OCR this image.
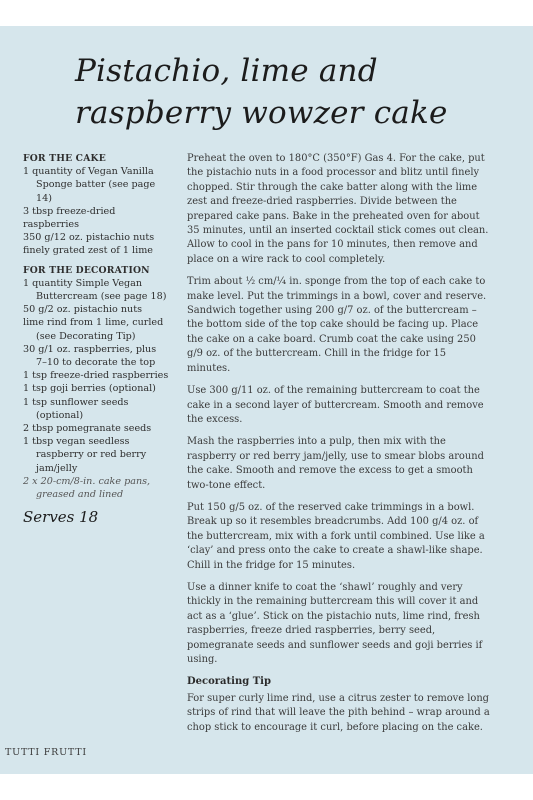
Pistachio, lime and
raspberry wowzer cake
FOR THE CAKE
1 quantity of Vegan Vanilla
Sponge batter (see page 14)
3 tbsp freeze-dried raspberries
350 g/12 oz. pistachio nuts
finely grated zest of 1 lime
FOR THE DECORATION
1 quantity Simple Vegan
Buttercream (see page 18)
50 g/2 oz. pistachio nuts
lime rind from 1 lime, curled
(see Decorating Tip)
30 g/1 oz. raspberries, plus
7–10 to decorate the top
1 tsp freeze-dried raspberries
1 tsp goji berries (optional)
1 tsp sunflower seeds
(optional)
2 tbsp pomegranate seeds
1 tbsp vegan seedless
raspberry or red berry
jam/jelly
2 x 20-cm/8-in. cake pans,
greased and lined
Serves 18

Preheat the oven to 180°C (350°F) Gas 4. For the cake, put the pistachio nuts in a food processor and blitz until finely chopped. Stir through the cake batter along with the lime zest and freeze-dried raspberries. Divide between the prepared cake pans. Bake in the preheated oven for about 35 minutes, until an inserted cocktail stick comes out clean. Allow to cool in the pans for 10 minutes, then remove and place on a wire rack to cool completely.

Trim about ½ cm/¼ in. sponge from the top of each cake to make level. Put the trimmings in a bowl, cover and reserve. Sandwich together using 200 g/7 oz. of the buttercream – the bottom side of the top cake should be facing up. Place the cake on a cake board. Crumb coat the cake using 250 g/9 oz. of the buttercream. Chill in the fridge for 15 minutes.

Use 300 g/11 oz. of the remaining buttercream to coat the cake in a second layer of buttercream. Smooth and remove the excess.

Mash the raspberries into a pulp, then mix with the raspberry or red berry jam/jelly, use to smear blobs around the cake. Smooth and remove the excess to get a smooth two-tone effect.

Put 150 g/5 oz. of the reserved cake trimmings in a bowl. Break up so it resembles breadcrumbs. Add 100 g/4 oz. of the buttercream, mix with a fork until combined. Use like a ‘clay’ and press onto the cake to create a shawl-like shape. Chill in the fridge for 15 minutes.

Use a dinner knife to coat the ‘shawl’ roughly and very thickly in the remaining buttercream this will cover it and act as a ‘glue’. Stick on the pistachio nuts, lime rind, fresh raspberries, freeze dried raspberries, berry seed, pomegranate seeds and sunflower seeds and goji berries if using.

Decorating Tip

For super curly lime rind, use a citrus zester to remove long strips of rind that will leave the pith behind – wrap around a chop stick to encourage it curl, before placing on the cake.

TUTTI FRUTTI
